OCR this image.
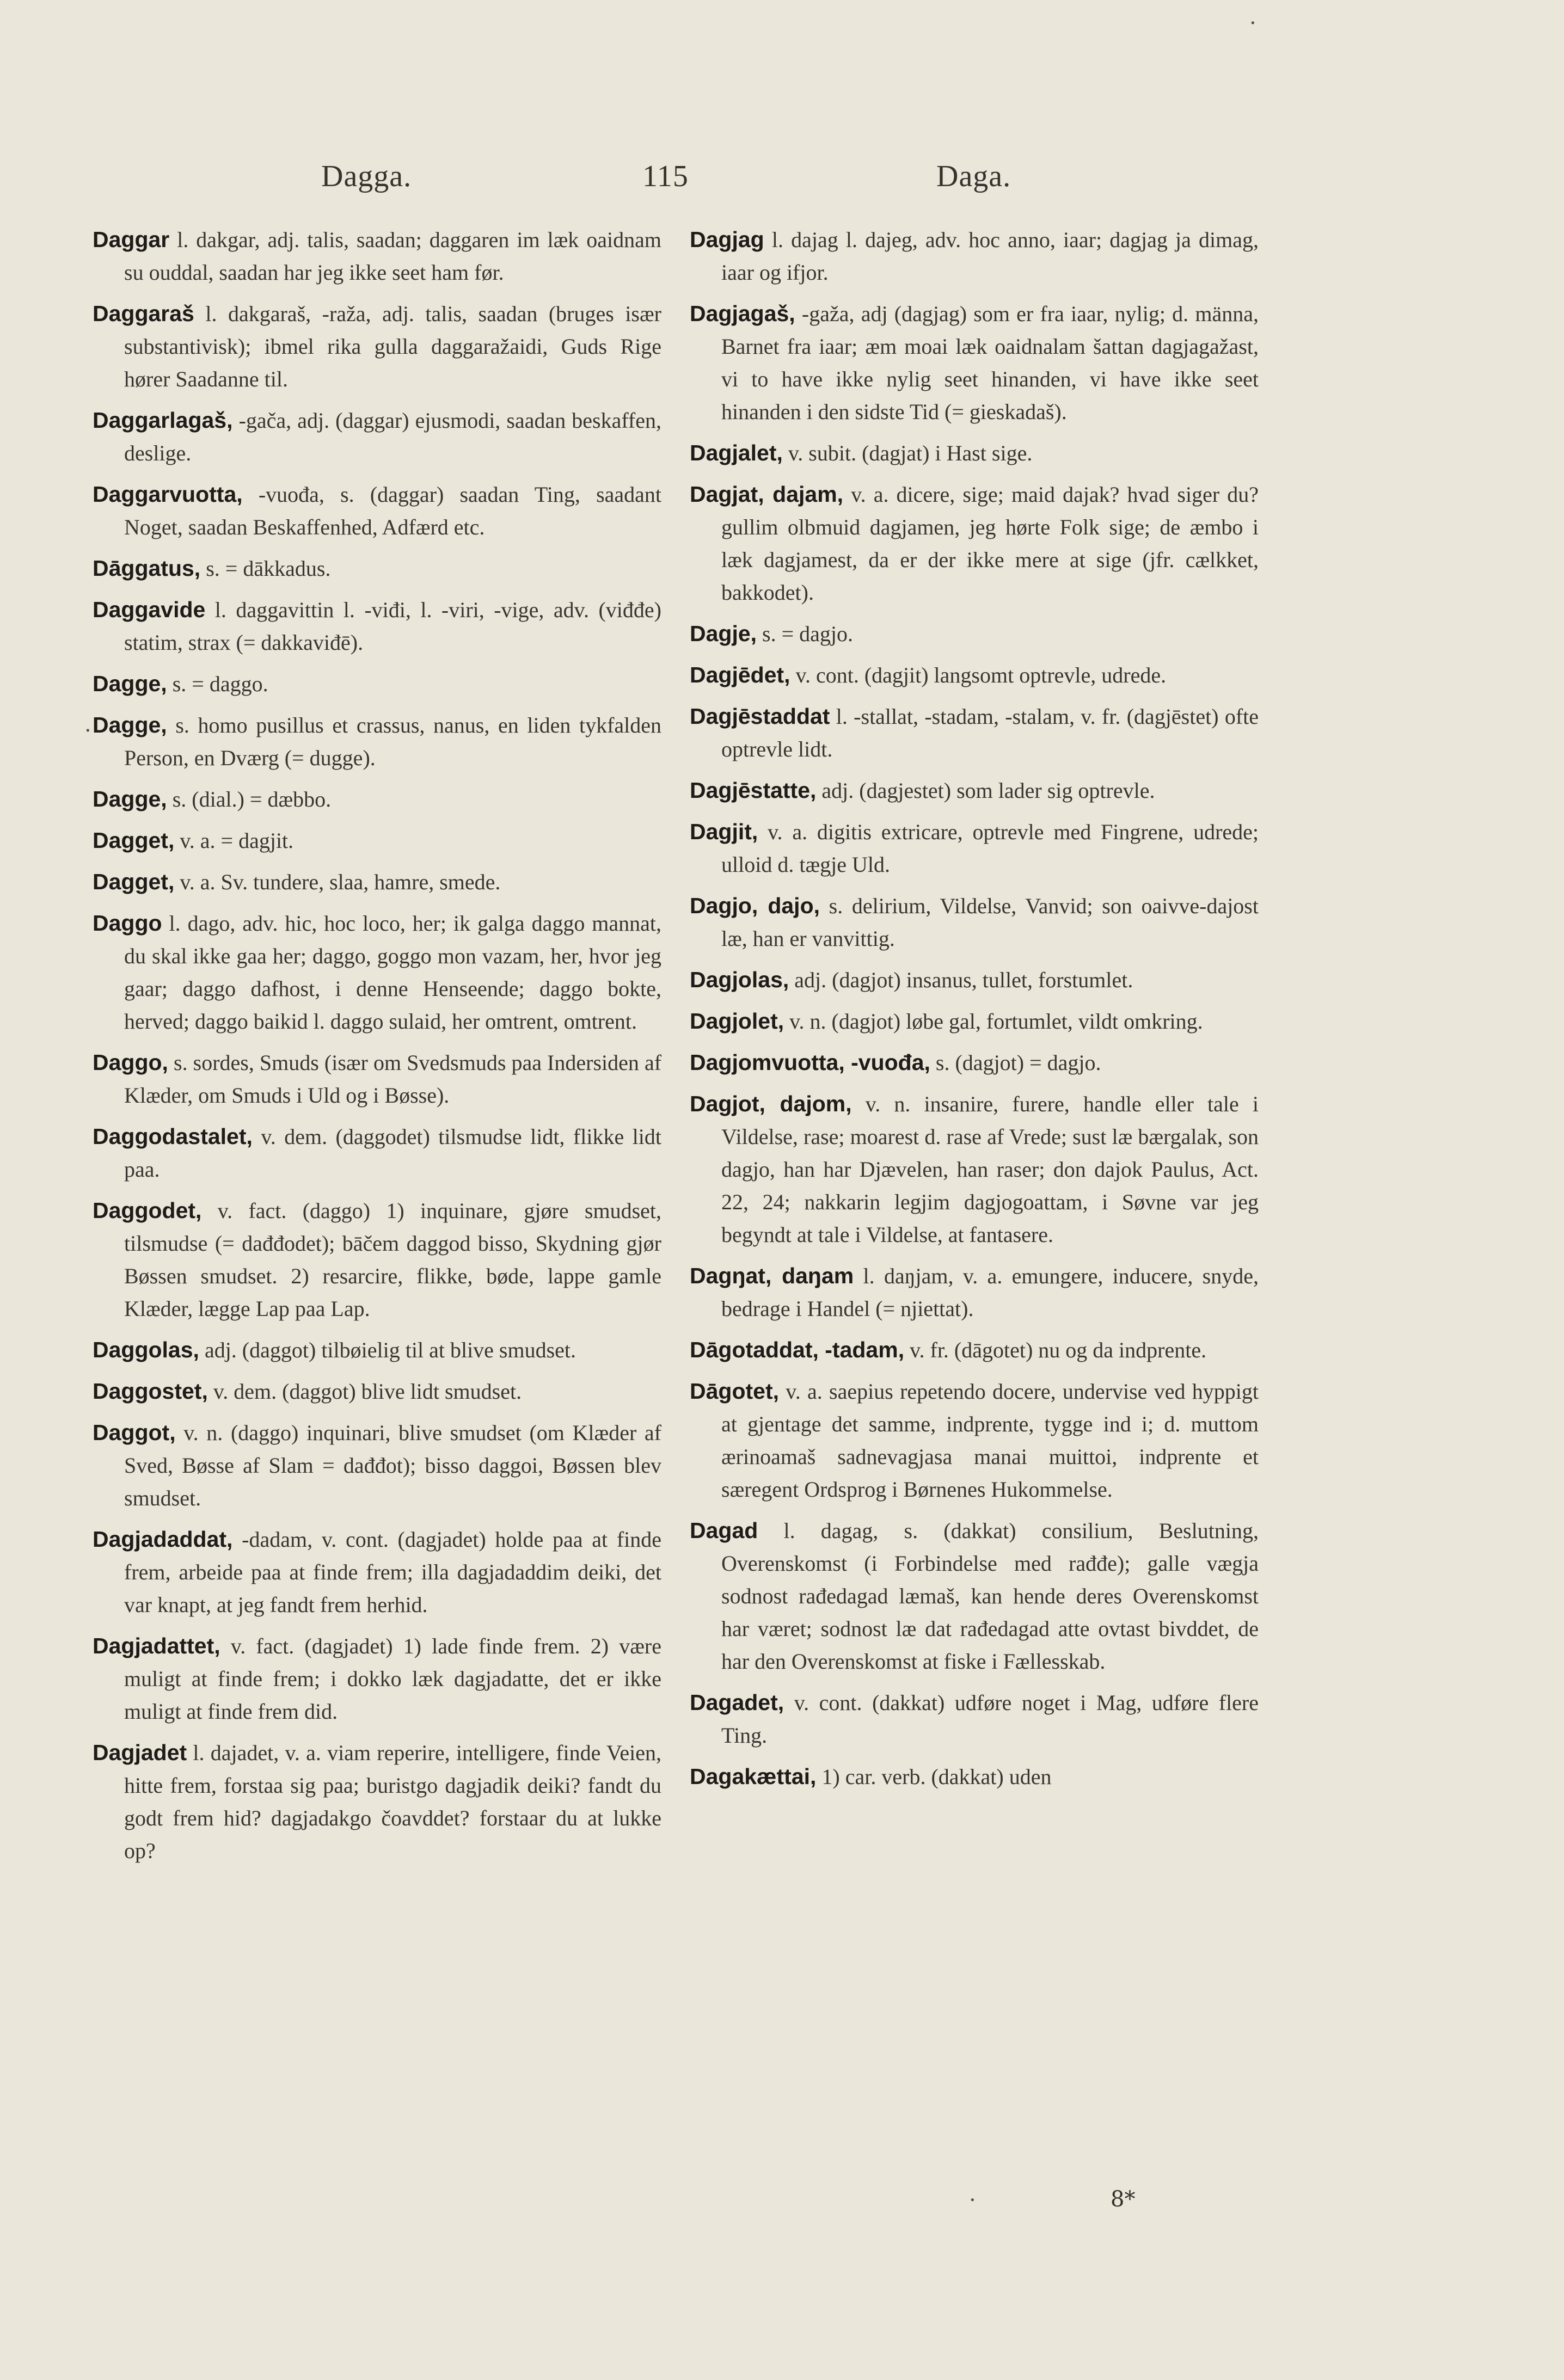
Dagga.	115	Daga.

Daggar l. dakgar, adj. talis, saadan; daggaren im læk oaidnam su ouddal, saadan har jeg ikke seet ham før.

Daggaraš l. dakgaraš, -raža, adj. talis, saadan (bruges især substantivisk); ibmel rika gulla daggaražaidi, Guds Rige hører Saadanne til.

Daggarlagaš, -gača, adj. (daggar) ejusmodi, saadan beskaffen, deslige.

Daggarvuotta, -vuođa, s. (daggar) saadan Ting, saadant Noget, saadan Beskaffenhed, Adfærd etc.

Dāggatus, s. = dākkadus.

Daggavide l. daggavittin l. -viđi, l. -viri, -vige, adv. (viđđe) statim, strax (= dakkaviđē).

Dagge, s. = daggo.

Dagge, s. homo pusillus et crassus, nanus, en liden tykfalden Person, en Dværg (= dugge).

Dagge, s. (dial.) = dæbbo.

Dagget, v. a. = dagjit.

Dagget, v. a. Sv. tundere, slaa, hamre, smede.

Daggo l. dago, adv. hic, hoc loco, her; ik galga daggo mannat, du skal ikke gaa her; daggo, goggo mon vazam, her, hvor jeg gaar; daggo dafhost, i denne Henseende; daggo bokte, herved; daggo baikid l. daggo sulaid, her omtrent, omtrent.

Daggo, s. sordes, Smuds (især om Svedsmuds paa Indersiden af Klæder, om Smuds i Uld og i Bøsse).

Daggodastalet, v. dem. (daggodet) tilsmudse lidt, flikke lidt paa.

Daggodet, v. fact. (daggo) 1) inquinare, gjøre smudset, tilsmudse (= dađđodet); bāčem daggod bisso, Skydning gjør Bøssen smudset. 2) resarcire, flikke, bøde, lappe gamle Klæder, lægge Lap paa Lap.

Daggolas, adj. (daggot) tilbøielig til at blive smudset.

Daggostet, v. dem. (daggot) blive lidt smudset.

Daggot, v. n. (daggo) inquinari, blive smudset (om Klæder af Sved, Bøsse af Slam = dađđot); bisso daggoi, Bøssen blev smudset.

Dagjadaddat, -dadam, v. cont. (dagjadet) holde paa at finde frem, arbeide paa at finde frem; illa dagjadaddim deiki, det var knapt, at jeg fandt frem herhid.

Dagjadattet, v. fact. (dagjadet) 1) lade finde frem. 2) være muligt at finde frem; i dokko læk dagjadatte, det er ikke muligt at finde frem did.

Dagjadet l. dajadet, v. a. viam reperire, intelligere, finde Veien, hitte frem, forstaa sig paa; buristgo dagjadik deiki? fandt du godt frem hid? dagjadakgo čoavddet? forstaar du at lukke op?

Dagjag l. dajag l. dajeg, adv. hoc anno, iaar; dagjag ja dimag, iaar og ifjor.

Dagjagaš, -gaža, adj (dagjag) som er fra iaar, nylig; d. männa, Barnet fra iaar; æm moai læk oaidnalam šattan dagjagažast, vi to have ikke nylig seet hinanden, vi have ikke seet hinanden i den sidste Tid (= gieskadaš).

Dagjalet, v. subit. (dagjat) i Hast sige.

Dagjat, dajam, v. a. dicere, sige; maid dajak? hvad siger du? gullim olbmuid dagjamen, jeg hørte Folk sige; de æmbo i læk dagjamest, da er der ikke mere at sige (jfr. cælkket, bakkodet).

Dagje, s. = dagjo.

Dagjēdet, v. cont. (dagjit) langsomt optrevle, udrede.

Dagjēstaddat l. -stallat, -stadam, -stalam, v. fr. (dagjēstet) ofte optrevle lidt.

Dagjēstatte, adj. (dagjestet) som lader sig optrevle.

Dagjit, v. a. digitis extricare, optrevle med Fingrene, udrede; ulloid d. tægje Uld.

Dagjo, dajo, s. delirium, Vildelse, Vanvid; son oaivve-dajost læ, han er vanvittig.

Dagjolas, adj. (dagjot) insanus, tullet, forstumlet.

Dagjolet, v. n. (dagjot) løbe gal, fortumlet, vildt omkring.

Dagjomvuotta, -vuođa, s. (dagjot) = dagjo.

Dagjot, dajom, v. n. insanire, furere, handle eller tale i Vildelse, rase; moarest d. rase af Vrede; sust læ bærgalak, son dagjo, han har Djævelen, han raser; don dajok Paulus, Act. 22, 24; nakkarin legjim dagjogoattam, i Søvne var jeg begyndt at tale i Vildelse, at fantasere.

Dagŋat, daŋam l. daŋjam, v. a. emungere, inducere, snyde, bedrage i Handel (= njiettat).

Dāgotaddat, -tadam, v. fr. (dāgotet) nu og da indprente.

Dāgotet, v. a. saepius repetendo docere, undervise ved hyppigt at gjentage det samme, indprente, tygge ind i; d. muttom ærinoamaš sadnevagjasa manai muittoi, indprente et særegent Ordsprog i Børnenes Hukommelse.

Dagad l. dagag, s. (dakkat) consilium, Beslutning, Overenskomst (i Forbindelse med rađđe); galle vægja sodnost rađedagad læmaš, kan hende deres Overenskomst har været; sodnost læ dat rađedagad atte ovtast bivddet, de har den Overenskomst at fiske i Fællesskab.

Dagadet, v. cont. (dakkat) udføre noget i Mag, udføre flere Ting.

Dagakættai, 1) car. verb. (dakkat) uden

·
·
·	8*
